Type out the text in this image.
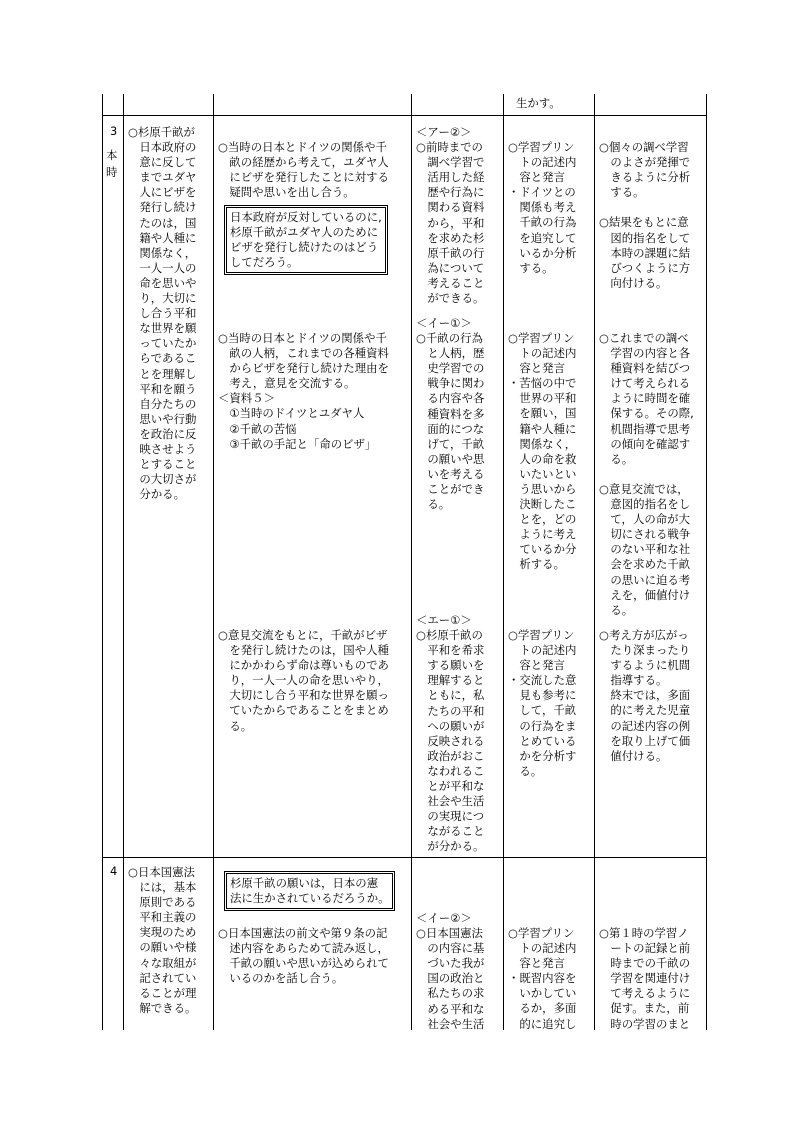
生かす。
3
本時
○杉原千畝が
　日本政府の
　意に反して
　までユダヤ
　人にビザを
　発行し続け
　たのは，国
　籍や人種に
　関係なく，
　一人一人の
　命を思いや
　り，大切に
　し合う平和
　な世界を願
　っていたか
　らであるこ
　とを理解し
　平和を願う
　自分たちの
　思いや行動
　を政治に反
　映させよう
　とすること
　の大切さが
　分かる。
○当時の日本とドイツの関係や千
　畝の経歴から考えて，ユダヤ人
　にビザを発行したことに対する
　疑問や思いを出し合う。
日本政府が反対しているのに,
杉原千畝がユダヤ人のために
ビザを発行し続けたのはどう
してだろう。
○当時の日本とドイツの関係や千
　畝の人柄，これまでの各種資料
　からビザを発行し続けた理由を
　考え，意見を交流する。
＜資料５＞
　①当時のドイツとユダヤ人
　②千畝の苦悩
　③千畝の手記と「命のビザ」
○意見交流をもとに，千畝がビザ
　を発行し続けたのは，国や人種
　にかかわらず命は尊いものであ
　り，一人一人の命を思いやり，
　大切にし合う平和な世界を願っ
　ていたからであることをまとめ
　る。
＜アー②＞
○前時までの
　調べ学習で
　活用した経
　歴や行為に
　関わる資料
　から，平和
　を求めた杉
　原千畝の行
　為について
　考えること
　ができる。
＜イー①＞
○千畝の行為
　と人柄，歴
　史学習での
　戦争に関わ
　る内容や各
　種資料を多
　面的につな
　げて，千畝
　の願いや思
　いを考える
　ことができ
　る。
＜エー①＞
○杉原千畝の
　平和を希求
　する願いを
　理解すると
　ともに，私
　たちの平和
　への願いが
　反映される
　政治がおこ
　なわれるこ
　とが平和な
　社会や生活
　の実現につ
　ながること
　が分かる。
○学習プリン
　トの記述内
　容と発言
・ドイツとの
　関係も考え
　千畝の行為
　を追究して
　いるか分析
　する。
○学習プリン
　トの記述内
　容と発言
・苦悩の中で
　世界の平和
　を願い，国
　籍や人種に
　関係なく，
　人の命を救
　いたいとい
　う思いから
　決断したこ
　とを，どの
　ように考え
　ているか分
　析する。
○学習プリン
　トの記述内
　容と発言
・交流した意
　見も参考に
　して，千畝
　の行為をま
　とめている
　かを分析す
　る。
○個々の調べ学習
　のよさが発揮で
　きるように分析
　する。

○結果をもとに意
　図的指名をして
　本時の課題に結
　びつくように方
　向付ける。
○これまでの調べ
　学習の内容と各
　種資料を結びつ
　けて考えられる
　ように時間を確
　保する。その際,
　机間指導で思考
　の傾向を確認す
　る。

○意見交流では，
　意図的指名をし
　て，人の命が大
　切にされる戦争
　のない平和な社
　会を求めた千畝
　の思いに迫る考
　えを，価値付け
　る。
○考え方が広がっ
　たり深まったり
　するように机間
　指導する。
　終末では，多面
　的に考えた児童
　の記述内容の例
　を取り上げて価
　値付ける。
4 ○日本国憲法
　には，基本
　原則である
　平和主義の
　実現のため
　の願いや様
　々な取組が
　記されてい
　ることが理
　解できる。
杉原千畝の願いは，日本の憲
法に生かされているだろうか。
○日本国憲法の前文や第９条の記
　述内容をあらためて読み返し，
　千畝の願いや思いが込められて
　いるのかを話し合う。
＜イー②＞
○日本国憲法
　の内容に基
　づいた我が
　国の政治と
　私たちの求
　める平和な
　社会や生活
○学習プリン
　トの記述内
　容と発言
・既習内容を
　いかしてい
　るか，多面
　的に追究し
○第１時の学習ノ
　ートの記録と前
　時までの千畝の
　学習を関連付け
　て考えるように
　促す。また，前
　時の学習のまと
